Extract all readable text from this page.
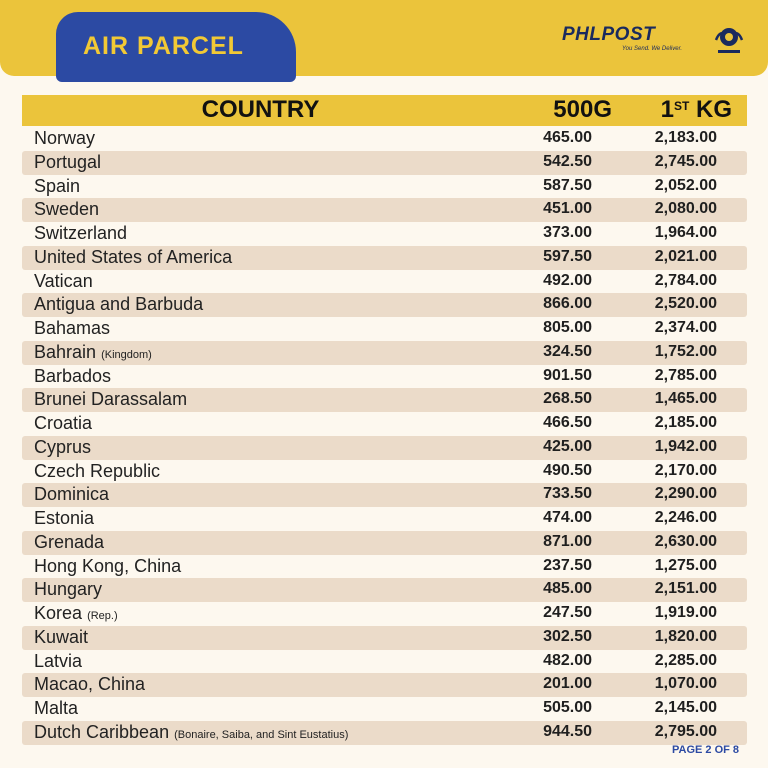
AIR PARCEL	PHLPOST
You Send. We Deliver.
COUNTRY	500G	1ST KG
Norway	465.00	2,183.00
Portugal	542.50	2,745.00
Spain	587.50	2,052.00
Sweden	451.00	2,080.00
Switzerland	373.00	1,964.00
United States of America	597.50	2,021.00
Vatican	492.00	2,784.00
Antigua and Barbuda	866.00	2,520.00
Bahamas	805.00	2,374.00
Bahrain (Kingdom)	324.50	1,752.00
Barbados	901.50	2,785.00
Brunei Darassalam	268.50	1,465.00
Croatia	466.50	2,185.00
Cyprus	425.00	1,942.00
Czech Republic	490.50	2,170.00
Dominica	733.50	2,290.00
Estonia	474.00	2,246.00
Grenada	871.00	2,630.00
Hong Kong, China	237.50	1,275.00
Hungary	485.00	2,151.00
Korea (Rep.)	247.50	1,919.00
Kuwait	302.50	1,820.00
Latvia	482.00	2,285.00
Macao, China	201.00	1,070.00
Malta	505.00	2,145.00
Dutch Caribbean (Bonaire, Saiba, and Sint Eustatius)	944.50	2,795.00
PAGE 2 OF 8
